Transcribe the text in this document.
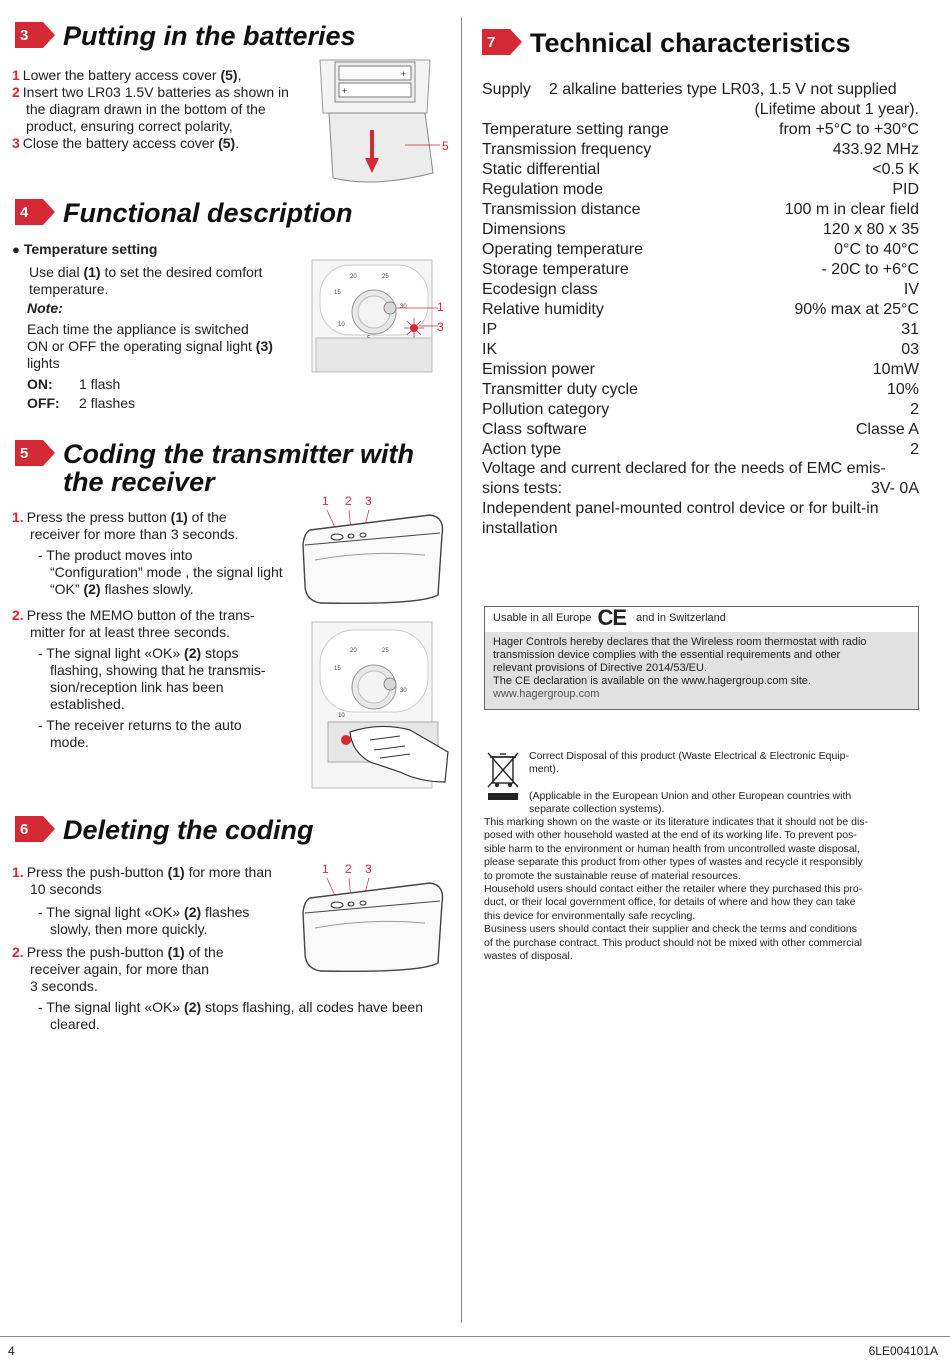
3	Putting in the batteries
1 Lower the battery access cover (5),
2 Insert two LR03 1.5V batteries as shown in
the diagram drawn in the bottom of the
product, ensuring correct polarity,
3 Close the battery access cover (5).
+
+
5
4	Functional description
● Temperature setting
Use dial (1) to set the desired comfort
temperature.
Note:
Each time the appliance is switched
ON or OFF the operating signal light (3)
lights
ON: 1 flash
OFF: 2 flashes
20	25
15
30
10
1
3
5	Coding the transmitter with
the receiver
1. Press the press button (1) of the
receiver for more than 3 seconds.
- The product moves into
“Configuration” mode , the signal light
“OK” (2) flashes slowly.
2. Press the MEMO button of the trans-
mitter for at least three seconds.
- The signal light «OK» (2) stops
flashing, showing that he transmis-
sion/reception link has been
established.
- The receiver returns to the auto
mode.
1 2 3
20	25
15
30
10
6	Deleting the coding
1. Press the push-button (1) for more than
10 seconds
- The signal light «OK» (2) flashes
slowly, then more quickly.
2. Press the push-button (1) of the
receiver again, for more than
3 seconds.
- The signal light «OK» (2) stops flashing, all codes have been
cleared.
1 2 3
7	Technical characteristics
Supply 2 alkaline batteries type LR03, 1.5 V not supplied
(Lifetime about 1 year).
Temperature setting range	from +5°C to +30°C
Transmission frequency	433.92 MHz
Static differential	<0.5 K
Regulation mode	PID
Transmission distance	100 m in clear field
Dimensions	120 x 80 x 35
Operating temperature	0°C to 40°C
Storage temperature	- 20C to +6°C
Ecodesign class	IV
Relative humidity	90% max at 25°C
IP	31
IK	03
Emission power	10mW
Transmitter duty cycle	10%
Pollution category	2
Class software	Classe A
Action type	2
Voltage and current declared for the needs of EMC emis-
sions tests:	3V- 0A
Independent panel-mounted control device or for built-in
installation
Usable in all Europe CE and in Switzerland
Hager Controls hereby declares that the Wireless room thermostat with radio
transmission device complies with the essential requirements and other
relevant provisions of Directive 2014/53/EU.
The CE declaration is available on the www.hagergroup.com site.
www.hagergroup.com
Correct Disposal of this product (Waste Electrical & Electronic Equip-
ment).
(Applicable in the European Union and other European countries with
separate collection systems).
This marking shown on the waste or its literature indicates that it should not be dis-
posed with other household wasted at the end of its working life. To prevent pos-
sible harm to the environment or human health from uncontrolled waste disposal,
please separate this product from other types of wastes and recycle it responsibly
to promote the sustainable reuse of material resources.
Household users should contact either the retailer where they purchased this pro-
duct, or their local government office, for details of where and how they can take
this device for environmentally safe recycling.
Business users should contact their supplier and check the terms and conditions
of the purchase contract. This product should not be mixed with other commercial
wastes of disposal.
4	6LE004101A
